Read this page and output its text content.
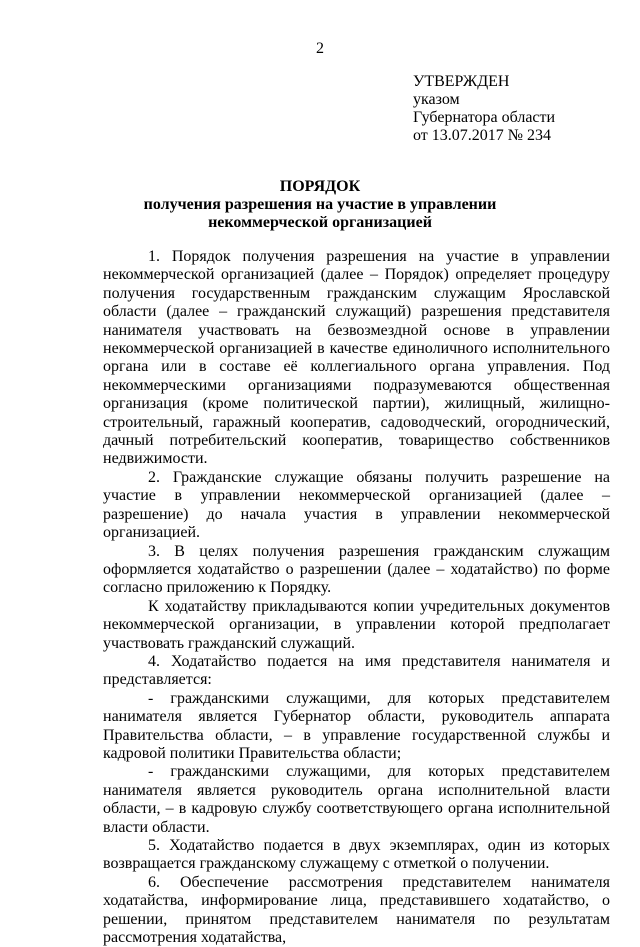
2
УТВЕРЖДЕН
указом
Губернатора области
от 13.07.2017 № 234
ПОРЯДОК
получения разрешения на участие в управлении
некоммерческой организацией

1. Порядок получения разрешения на участие в управлении некоммерческой организацией (далее – Порядок) определяет процедуру получения государственным гражданским служащим Ярославской области (далее – гражданский служащий) разрешения представителя нанимателя участвовать на безвозмездной основе в управлении некоммерческой организацией в качестве единоличного исполнительного органа или в составе её коллегиального органа управления. Под некоммерческими организациями подразумеваются общественная организация (кроме политической партии), жилищный, жилищно-строительный, гаражный кооператив, садоводческий, огороднический, дачный потребительский кооператив, товарищество собственников недвижимости.

2. Гражданские служащие обязаны получить разрешение на участие в управлении некоммерческой организацией (далее – разрешение) до начала участия в управлении некоммерческой организацией.

3. В целях получения разрешения гражданским служащим оформляется ходатайство о разрешении (далее – ходатайство) по форме согласно приложению к Порядку.

К ходатайству прикладываются копии учредительных документов некоммерческой организации, в управлении которой предполагает участвовать гражданский служащий.

4. Ходатайство подается на имя представителя нанимателя и представляется:

- гражданскими служащими, для которых представителем нанимателя является Губернатор области, руководитель аппарата Правительства области, – в управление государственной службы и кадровой политики Правительства области;

- гражданскими служащими, для которых представителем нанимателя является руководитель органа исполнительной власти области, – в кадровую службу соответствующего органа исполнительной власти области.

5. Ходатайство подается в двух экземплярах, один из которых возвращается гражданскому служащему с отметкой о получении.

6. Обеспечение рассмотрения представителем нанимателя ходатайства, информирование лица, представившего ходатайство, о решении, принятом представителем нанимателя по результатам рассмотрения ходатайства,
